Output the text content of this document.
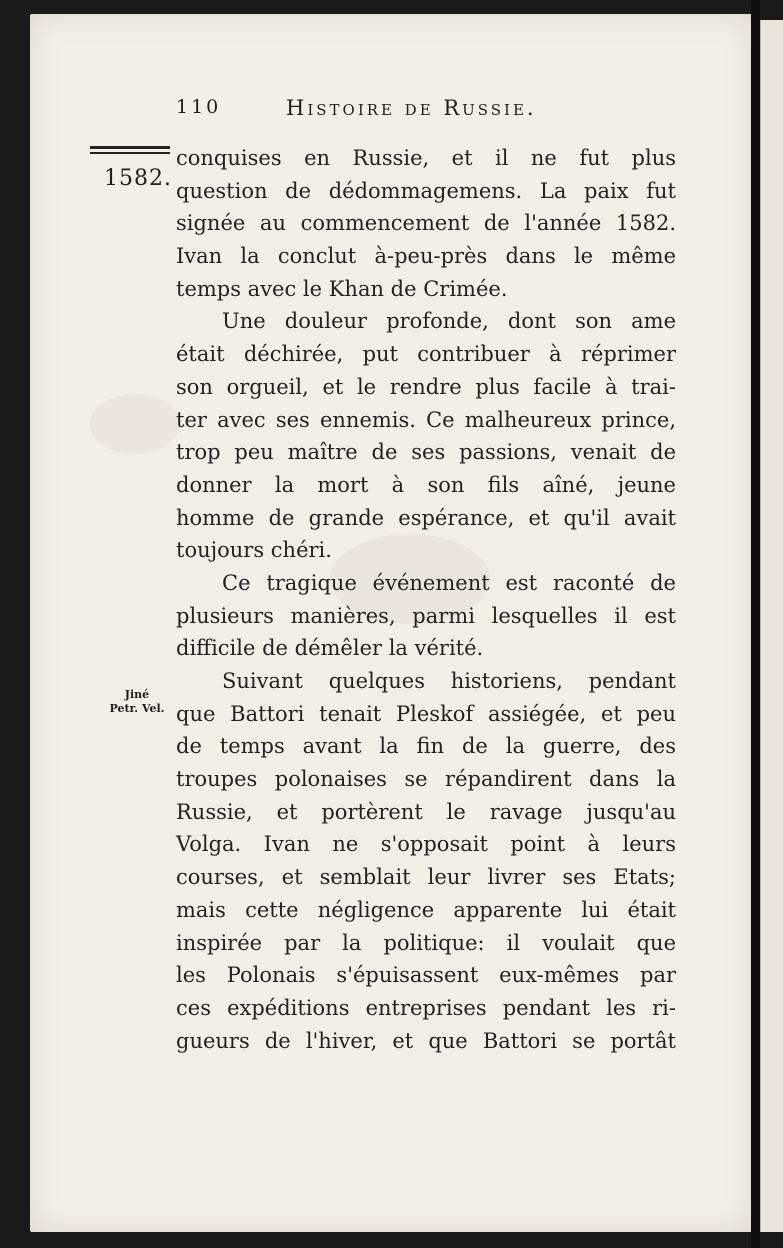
110	Histoire de Russie.
1582.
Jiné
Petr. Vel.
conquises en Russie, et il ne fut plus
question de dédommagemens. La paix fut
signée au commencement de l'année 1582.
Ivan la conclut à-peu-près dans le même
temps avec le Khan de Crimée.
Une douleur profonde, dont son ame
était déchirée, put contribuer à réprimer
son orgueil, et le rendre plus facile à trai-
ter avec ses ennemis. Ce malheureux prince,
trop peu maître de ses passions, venait de
donner la mort à son fils aîné, jeune
homme de grande espérance, et qu'il avait
toujours chéri.
Ce tragique événement est raconté de
plusieurs manières, parmi lesquelles il est
difficile de démêler la vérité.
Suivant quelques historiens, pendant
que Battori tenait Pleskof assiégée, et peu
de temps avant la fin de la guerre, des
troupes polonaises se répandirent dans la
Russie, et portèrent le ravage jusqu'au
Volga. Ivan ne s'opposait point à leurs
courses, et semblait leur livrer ses Etats;
mais cette négligence apparente lui était
inspirée par la politique: il voulait que
les Polonais s'épuisassent eux-mêmes par
ces expéditions entreprises pendant les ri-
gueurs de l'hiver, et que Battori se portât
